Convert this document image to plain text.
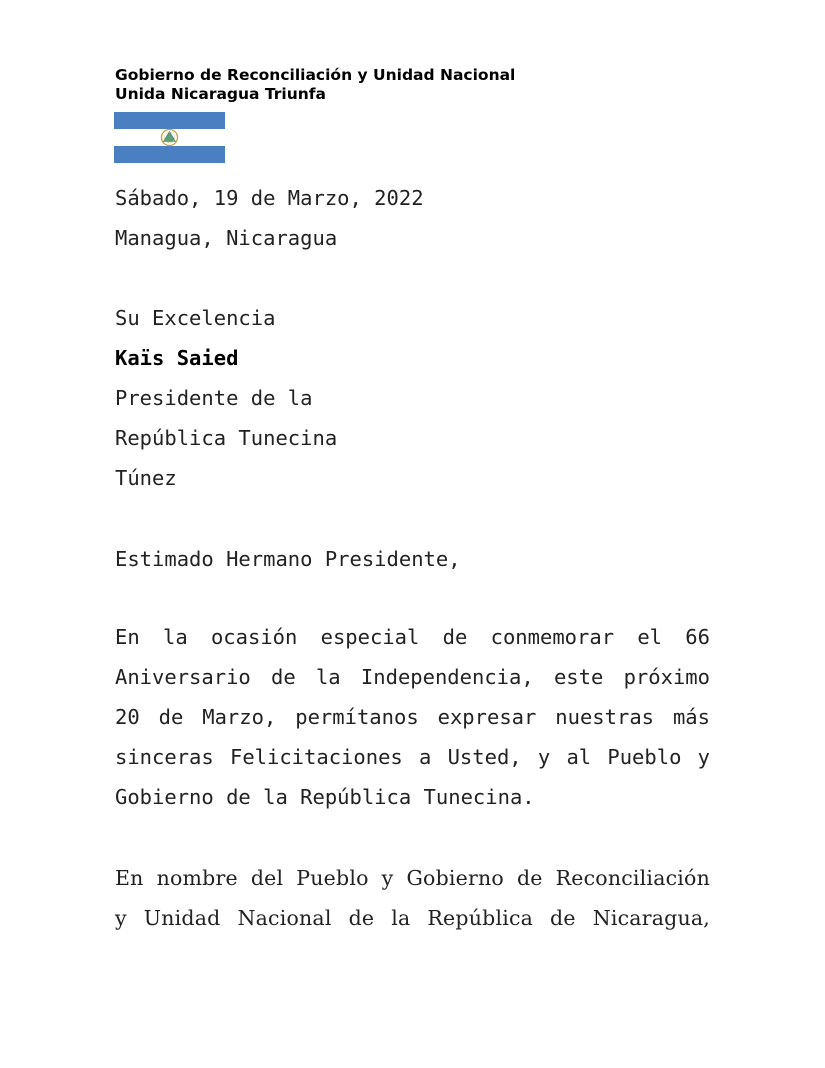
Gobierno de Reconciliación y Unidad Nacional
Unida Nicaragua Triunfa
Sábado, 19 de Marzo, 2022
Managua, Nicaragua
Su Excelencia
Kaïs Saied
Presidente de la
República Tunecina
Túnez
Estimado Hermano Presidente,
En la ocasión especial de conmemorar el 66
Aniversario de la Independencia, este próximo
20 de Marzo, permítanos expresar nuestras más
sinceras Felicitaciones a Usted, y al Pueblo y
Gobierno de la República Tunecina.
En nombre del Pueblo y Gobierno de Reconciliación
y Unidad Nacional de la República de Nicaragua,
